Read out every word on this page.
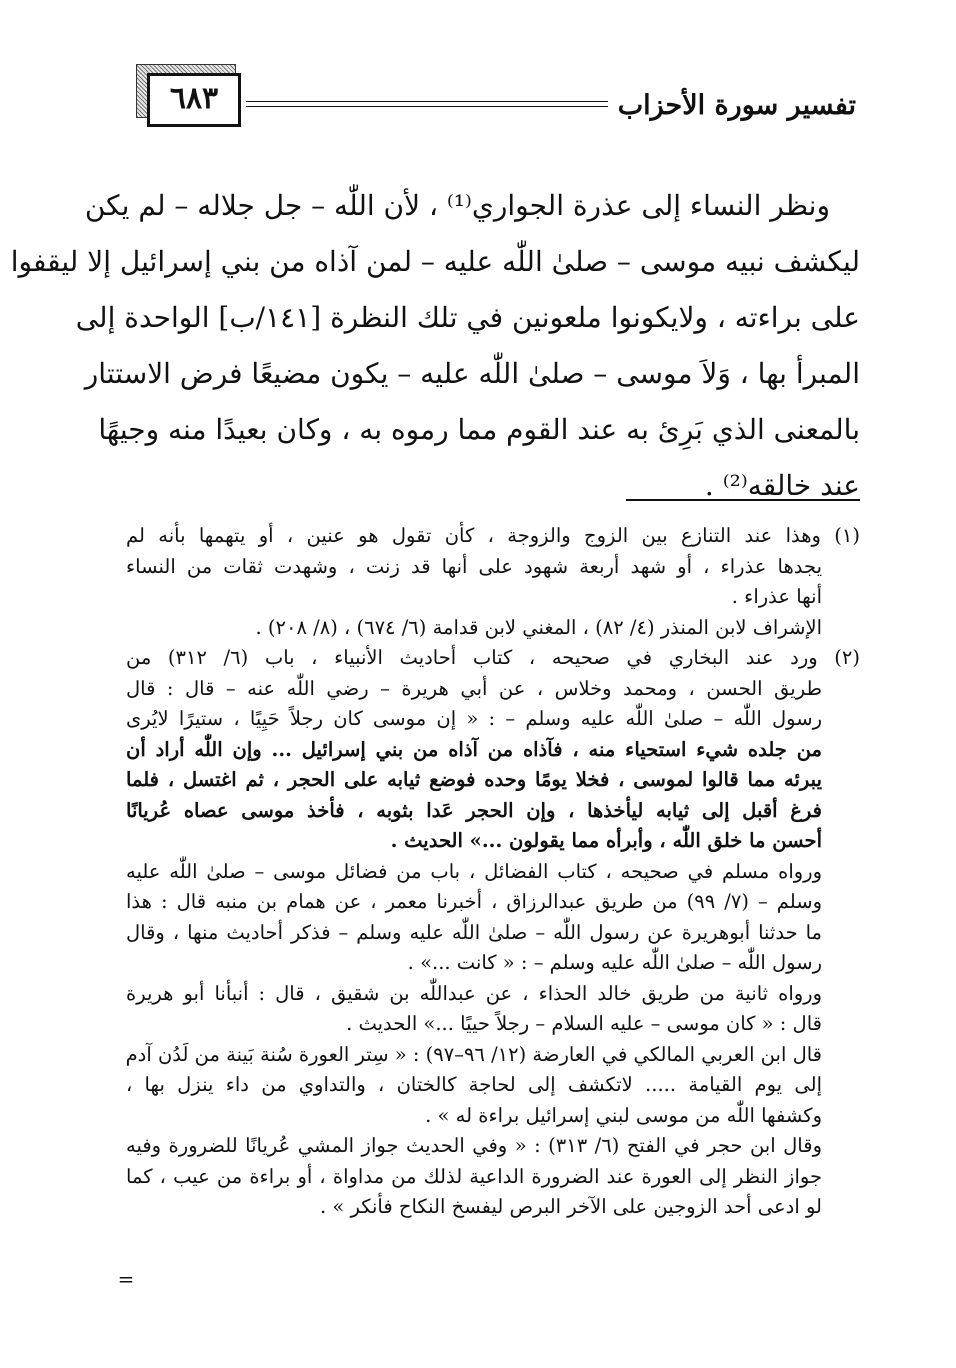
تفسير سورة الأحزاب
٦٨٣
ونظر النساء إلى عذرة الجواري⁽¹⁾ ، لأن اللّٰه – جل جلاله – لم يكن
ليكشف نبيه موسى – صلىٰ اللّٰه عليه – لمن آذاه من بني إسرائيل إلا ليقفوا
على براءته ، ولايكونوا ملعونين في تلك النظرة [١٤١/ب] الواحدة إلى
المبرأ بها ، وَلاَ موسى – صلىٰ اللّٰه عليه – يكون مضيعًا فرض الاستتار
بالمعنى الذي بَرِئ به عند القوم مما رموه به ، وكان بعيدًا منه وجيهًا
عند خالقه⁽²⁾ .
(١) وهذا عند التنازع بين الزوج والزوجة ، كأن تقول هو عنين ، أو يتهمها بأنه لم
يجدها عذراء ، أو شهد أربعة شهود على أنها قد زنت ، وشهدت ثقات من النساء
أنها عذراء .
الإشراف لابن المنذر (٤/ ٨٢) ، المغني لابن قدامة (٦/ ٦٧٤) ، (٨/ ٢٠٨) .
(٢) ورد عند البخاري في صحيحه ، كتاب أحاديث الأنبياء ، باب (٦/ ٣١٢) من
طريق الحسن ، ومحمد وخلاس ، عن أبي هريرة – رضي اللّٰه عنه – قال : قال
رسول اللّٰه – صلىٰ اللّٰه عليه وسلم – : « إن موسى كان رجلاً حَيِيًا ، ستيرًا لايُرى
من جلده شيء استحياء منه ، فآذاه من آذاه من بني إسرائيل ... وإن اللّٰه أراد أن
يبرئه مما قالوا لموسى ، فخلا يومًا وحده فوضع ثيابه على الحجر ، ثم اغتسل ، فلما
فرغ أقبل إلى ثيابه ليأخذها ، وإن الحجر عَدا بثوبه ، فأخذ موسى عصاه عُريانًا
أحسن ما خلق اللّٰه ، وأبرأه مما يقولون ...» الحديث .
ورواه مسلم في صحيحه ، كتاب الفضائل ، باب من فضائل موسى – صلىٰ اللّٰه عليه
وسلم – (٧/ ٩٩) من طريق عبدالرزاق ، أخبرنا معمر ، عن همام بن منبه قال : هذا
ما حدثنا أبوهريرة عن رسول اللّٰه – صلىٰ اللّٰه عليه وسلم – فذكر أحاديث منها ، وقال
رسول اللّٰه – صلىٰ اللّٰه عليه وسلم – : « كانت ...» .
ورواه ثانية من طريق خالد الحذاء ، عن عبداللّٰه بن شقيق ، قال : أنبأنا أبو هريرة
قال : « كان موسى – عليه السلام – رجلاً حييًا ...» الحديث .
قال ابن العربي المالكي في العارضة (١٢/ ٩٦–٩٧) : « سِتر العورة سُنة بَينة من لَدُن آدم
إلى يوم القيامة ..... لاتكشف إلى لحاجة كالختان ، والتداوي من داء ينزل بها ،
وكشفها اللّٰه من موسى لبني إسرائيل براءة له » .
وقال ابن حجر في الفتح (٦/ ٣١٣) : « وفي الحديث جواز المشي عُريانًا للضرورة وفيه
جواز النظر إلى العورة عند الضرورة الداعية لذلك من مداواة ، أو براءة من عيب ، كما
لو ادعى أحد الزوجين على الآخر البرص ليفسخ النكاح فأنكر » .
=
